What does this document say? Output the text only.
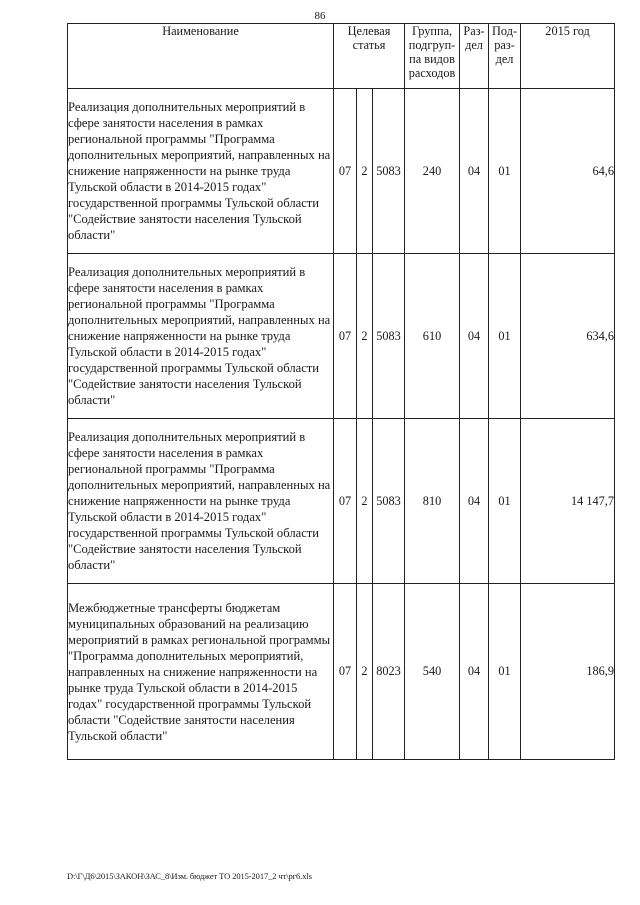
86
Наименование	Целевая статья			Группа, подгруп-па видов расходов	Раз-дел	Под-раз-дел	2015 год
Реализация дополнительных мероприятий в сфере занятости населения в рамках региональной программы "Программа дополнительных мероприятий, направленных на снижение напряженности на рынке труда Тульской области в 2014-2015 годах" государственной программы Тульской области "Содействие занятости населения Тульской области"	07	2	5083	240	04	01	64,6
Реализация дополнительных мероприятий в сфере занятости населения в рамках региональной программы "Программа дополнительных мероприятий, направленных на снижение напряженности на рынке труда Тульской области в 2014-2015 годах" государственной программы Тульской области "Содействие занятости населения Тульской области"	07	2	5083	610	04	01	634,6
Реализация дополнительных мероприятий в сфере занятости населения в рамках региональной программы "Программа дополнительных мероприятий, направленных на снижение напряженности на рынке труда Тульской области в 2014-2015 годах" государственной программы Тульской области "Содействие занятости населения Тульской области"	07	2	5083	810	04	01	14 147,7
Межбюджетные трансферты бюджетам муниципальных образований на реализацию мероприятий в рамках региональной программы "Программа дополнительных мероприятий, направленных на снижение напряженности на рынке труда Тульской области в 2014-2015 годах" государственной программы Тульской области "Содействие занятости населения Тульской области"	07	2	8023	540	04	01	186,9
D:\Г\Д6\2015\ЗАКОН\ЗАС_8\Изм. бюджет ТО 2015-2017_2 чт\рг6.xls
